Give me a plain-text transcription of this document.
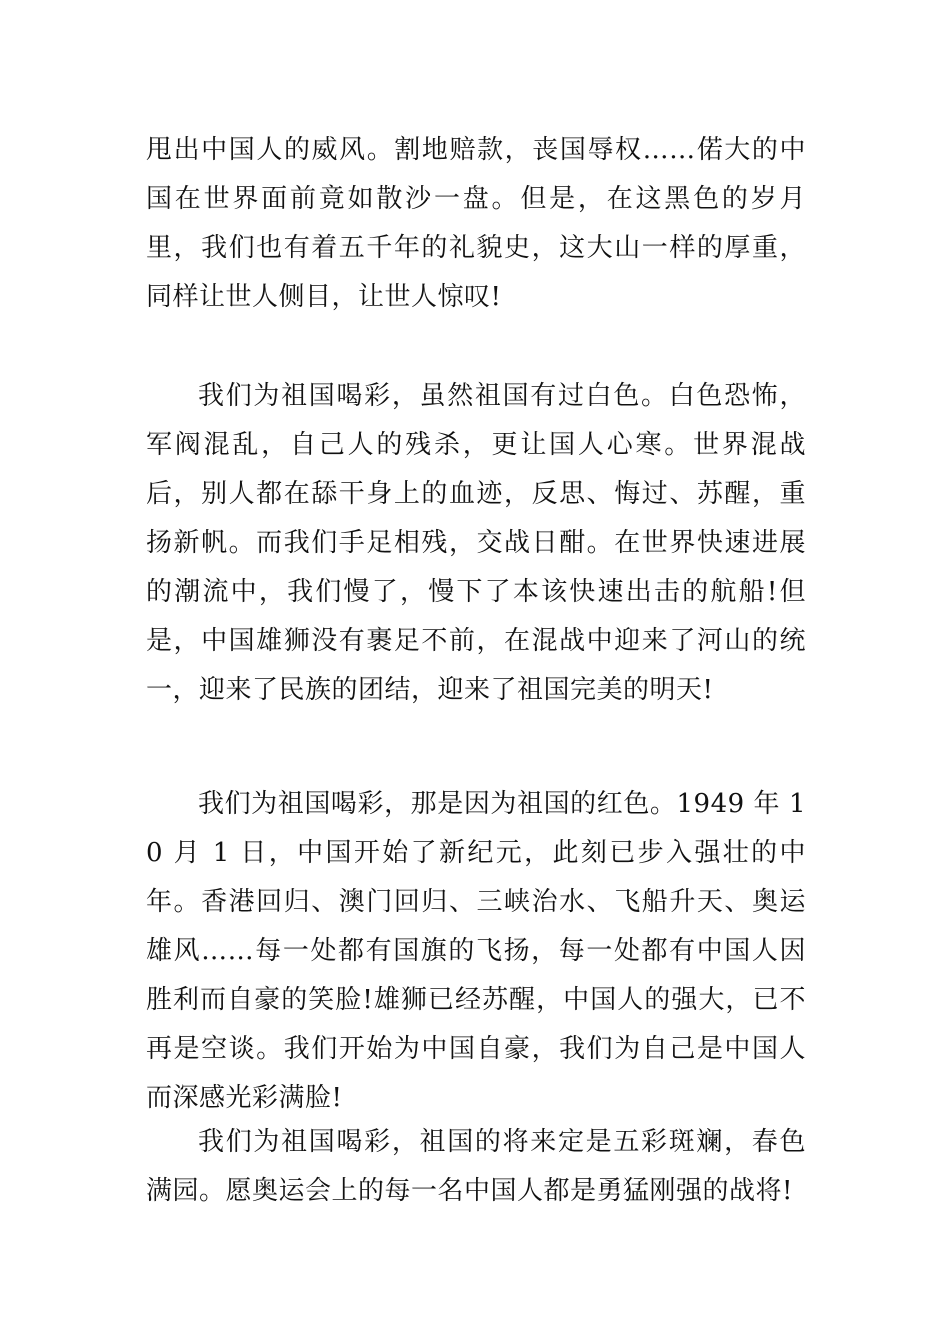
甩出中国人的威风。割地赔款，丧国辱权……偌大的中国在世界面前竟如散沙一盘。但是，在这黑色的岁月里，我们也有着五千年的礼貌史，这大山一样的厚重，同样让世人侧目，让世人惊叹!

我们为祖国喝彩，虽然祖国有过白色。白色恐怖，军阀混乱，自己人的残杀，更让国人心寒。世界混战后，别人都在舔干身上的血迹，反思、悔过、苏醒，重扬新帆。而我们手足相残，交战日酣。在世界快速进展的潮流中，我们慢了，慢下了本该快速出击的航船!但是，中国雄狮没有裹足不前，在混战中迎来了河山的统一，迎来了民族的团结，迎来了祖国完美的明天!

我们为祖国喝彩，那是因为祖国的红色。1949 年 10 月 1 日，中国开始了新纪元，此刻已步入强壮的中年。香港回归、澳门回归、三峡治水、飞船升天、奥运雄风……每一处都有国旗的飞扬，每一处都有中国人因胜利而自豪的笑脸!雄狮已经苏醒，中国人的强大，已不再是空谈。我们开始为中国自豪，我们为自己是中国人而深感光彩满脸!

我们为祖国喝彩，祖国的将来定是五彩斑斓，春色满园。愿奥运会上的每一名中国人都是勇猛刚强的战将!
